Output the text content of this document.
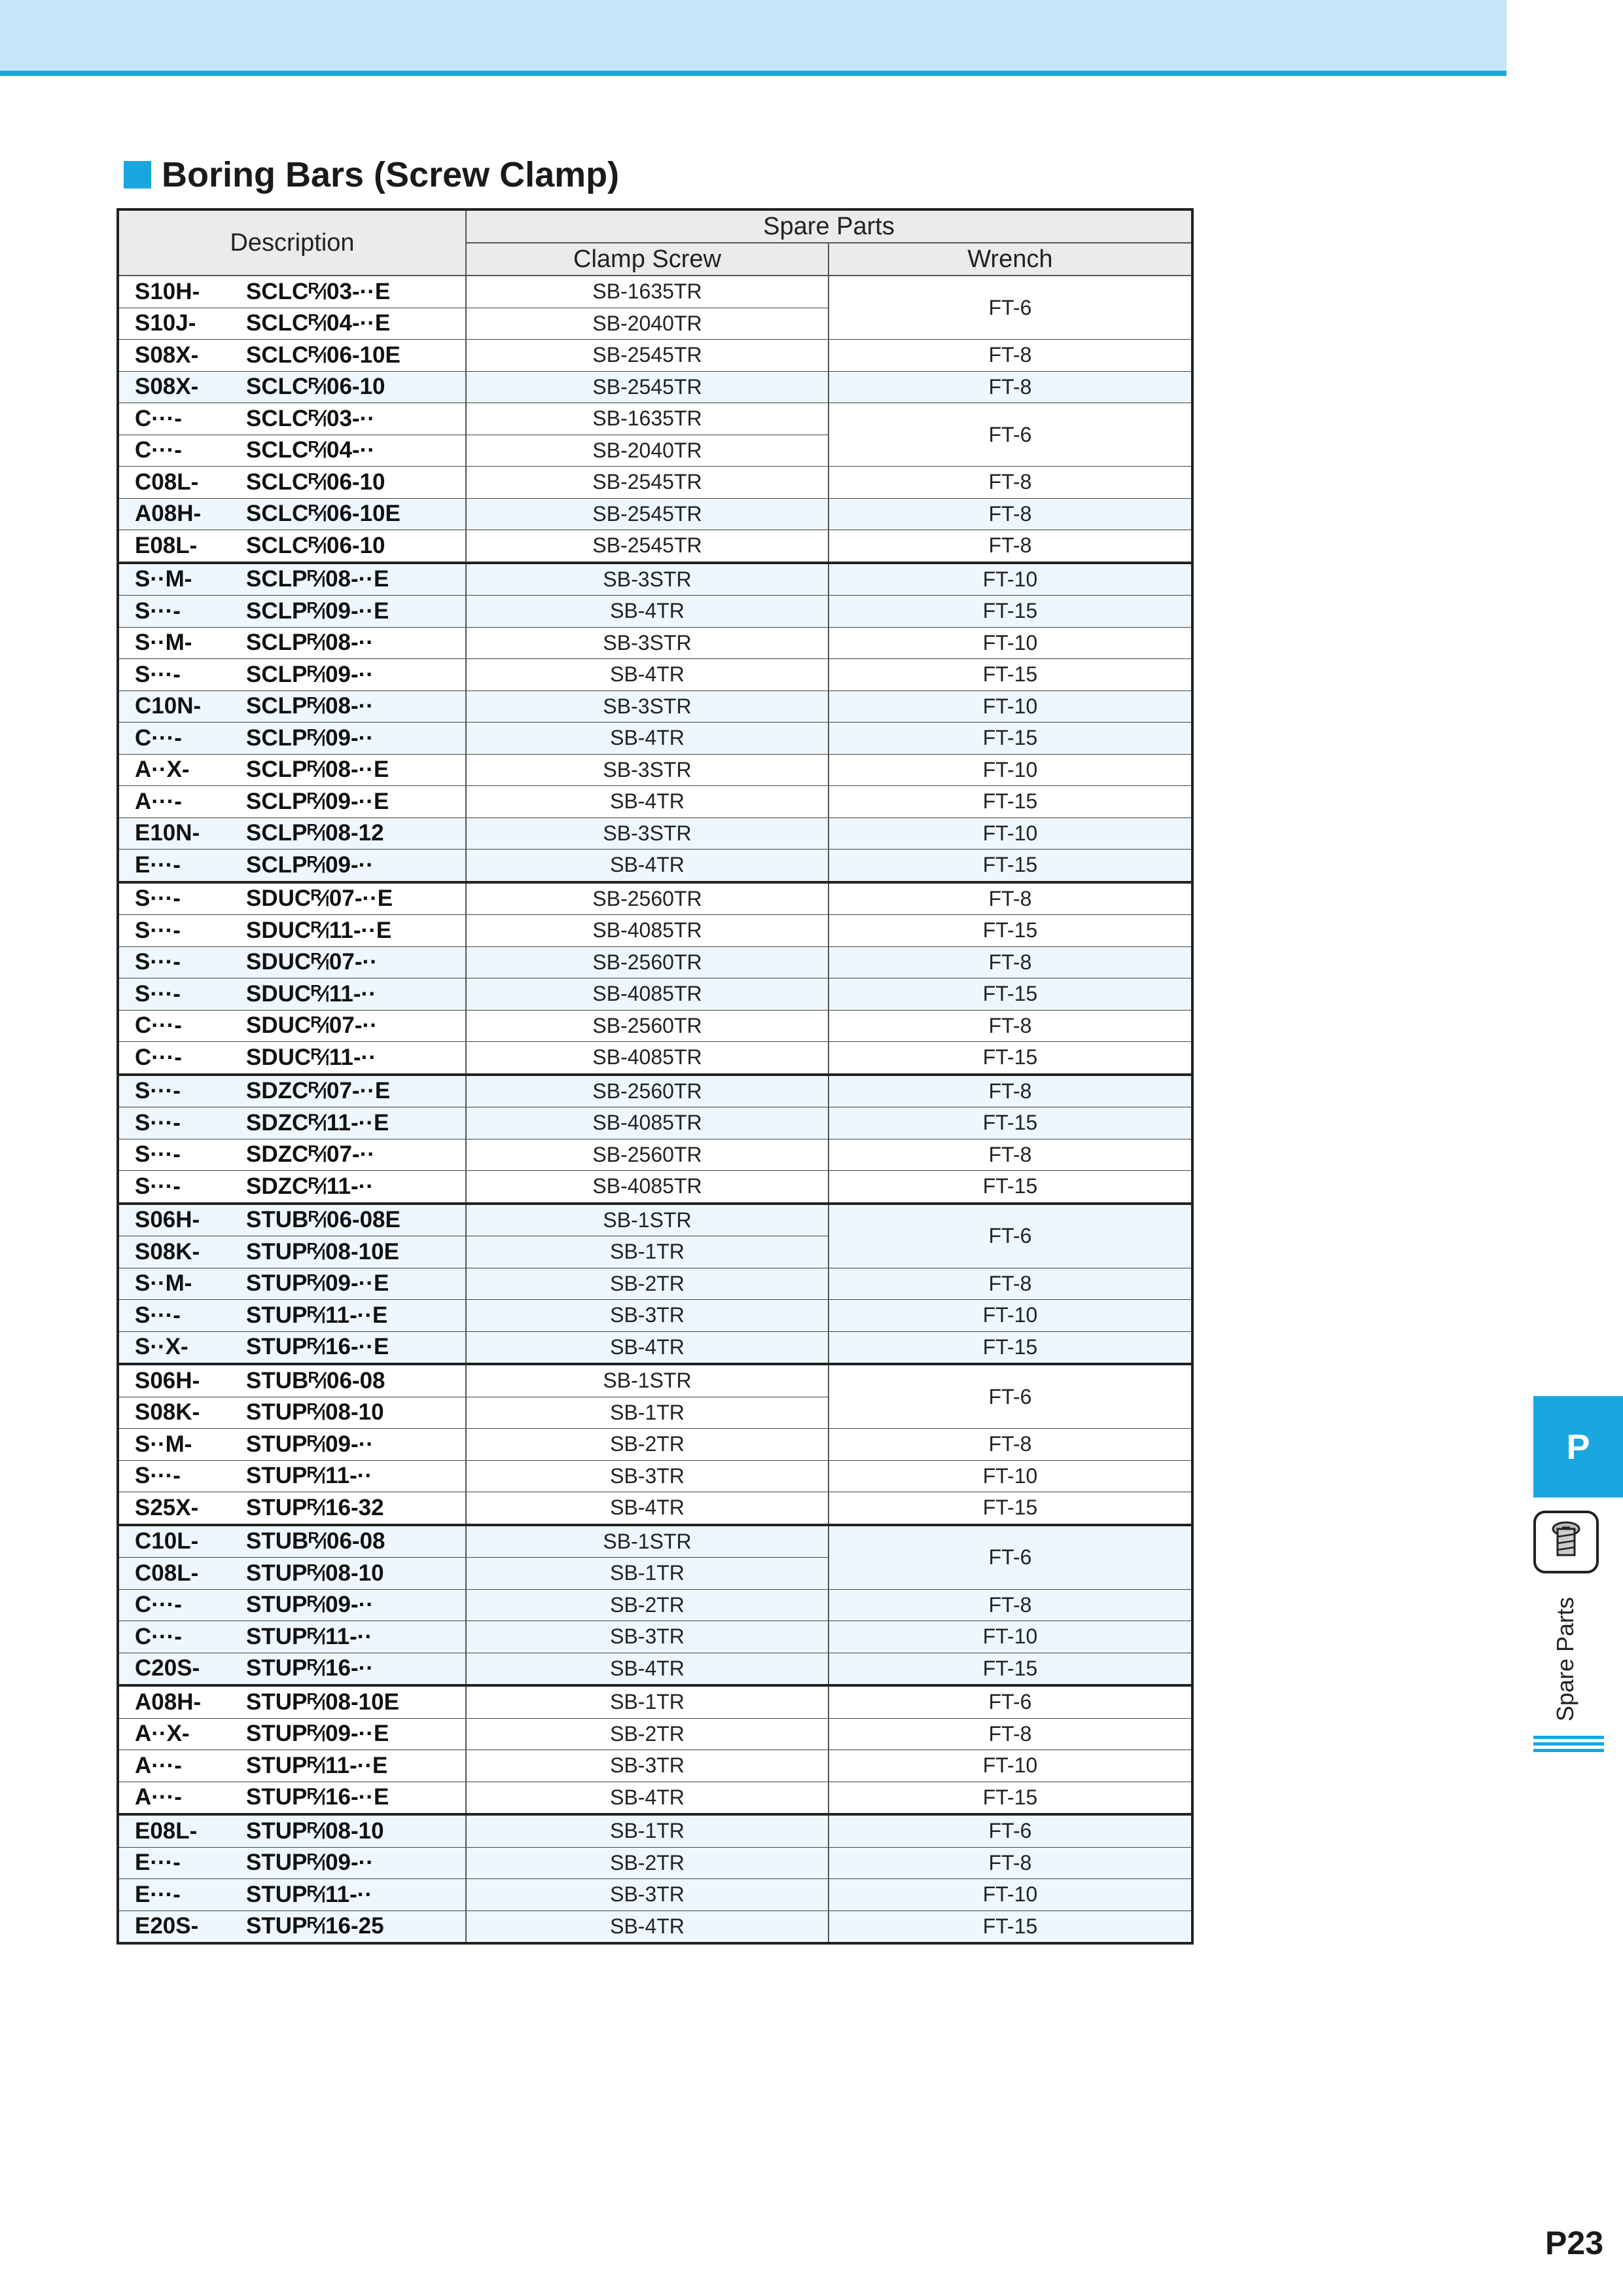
Boring Bars (Screw Clamp)
Description	Spare Parts	
	Clamp Screw	Wrench
S10H- SCLCᴿ⁄ₗ03-··E	SB-1635TR	FT-6
S10J- SCLCᴿ⁄ₗ04-··E	SB-2040TR	
S08X- SCLCᴿ⁄ₗ06-10E	SB-2545TR	FT-8
S08X- SCLCᴿ⁄ₗ06-10	SB-2545TR	FT-8
C···- SCLCᴿ⁄ₗ03-··	SB-1635TR	FT-6
C···- SCLCᴿ⁄ₗ04-··	SB-2040TR	
C08L- SCLCᴿ⁄ₗ06-10	SB-2545TR	FT-8
A08H- SCLCᴿ⁄ₗ06-10E	SB-2545TR	FT-8
E08L- SCLCᴿ⁄ₗ06-10	SB-2545TR	FT-8
S··M- SCLPᴿ⁄ₗ08-··E	SB-3STR	FT-10
S···- SCLPᴿ⁄ₗ09-··E	SB-4TR	FT-15
S··M- SCLPᴿ⁄ₗ08-··	SB-3STR	FT-10
S···- SCLPᴿ⁄ₗ09-··	SB-4TR	FT-15
C10N- SCLPᴿ⁄ₗ08-··	SB-3STR	FT-10
C···- SCLPᴿ⁄ₗ09-··	SB-4TR	FT-15
A··X- SCLPᴿ⁄ₗ08-··E	SB-3STR	FT-10
A···- SCLPᴿ⁄ₗ09-··E	SB-4TR	FT-15
E10N- SCLPᴿ⁄ₗ08-12	SB-3STR	FT-10
E···- SCLPᴿ⁄ₗ09-··	SB-4TR	FT-15
S···- SDUCᴿ⁄ₗ07-··E	SB-2560TR	FT-8
S···- SDUCᴿ⁄ₗ11-··E	SB-4085TR	FT-15
S···- SDUCᴿ⁄ₗ07-··	SB-2560TR	FT-8
S···- SDUCᴿ⁄ₗ11-··	SB-4085TR	FT-15
C···- SDUCᴿ⁄ₗ07-··	SB-2560TR	FT-8
C···- SDUCᴿ⁄ₗ11-··	SB-4085TR	FT-15
S···- SDZCᴿ⁄ₗ07-··E	SB-2560TR	FT-8
S···- SDZCᴿ⁄ₗ11-··E	SB-4085TR	FT-15
S···- SDZCᴿ⁄ₗ07-··	SB-2560TR	FT-8
S···- SDZCᴿ⁄ₗ11-··	SB-4085TR	FT-15
S06H- STUBᴿ⁄ₗ06-08E	SB-1STR	FT-6
S08K- STUPᴿ⁄ₗ08-10E	SB-1TR	
S··M- STUPᴿ⁄ₗ09-··E	SB-2TR	FT-8
S···- STUPᴿ⁄ₗ11-··E	SB-3TR	FT-10
S··X- STUPᴿ⁄ₗ16-··E	SB-4TR	FT-15
S06H- STUBᴿ⁄ₗ06-08	SB-1STR	FT-6
S08K- STUPᴿ⁄ₗ08-10	SB-1TR	
S··M- STUPᴿ⁄ₗ09-··	SB-2TR	FT-8
S···- STUPᴿ⁄ₗ11-··	SB-3TR	FT-10
S25X- STUPᴿ⁄ₗ16-32	SB-4TR	FT-15
C10L- STUBᴿ⁄ₗ06-08	SB-1STR	FT-6
C08L- STUPᴿ⁄ₗ08-10	SB-1TR	
C···- STUPᴿ⁄ₗ09-··	SB-2TR	FT-8
C···- STUPᴿ⁄ₗ11-··	SB-3TR	FT-10
C20S- STUPᴿ⁄ₗ16-··	SB-4TR	FT-15
A08H- STUPᴿ⁄ₗ08-10E	SB-1TR	FT-6
A··X- STUPᴿ⁄ₗ09-··E	SB-2TR	FT-8
A···- STUPᴿ⁄ₗ11-··E	SB-3TR	FT-10
A···- STUPᴿ⁄ₗ16-··E	SB-4TR	FT-15
E08L- STUPᴿ⁄ₗ08-10	SB-1TR	FT-6
E···- STUPᴿ⁄ₗ09-··	SB-2TR	FT-8
E···- STUPᴿ⁄ₗ11-··	SB-3TR	FT-10
E20S- STUPᴿ⁄ₗ16-25	SB-4TR	FT-15
P
Spare Parts
P23
